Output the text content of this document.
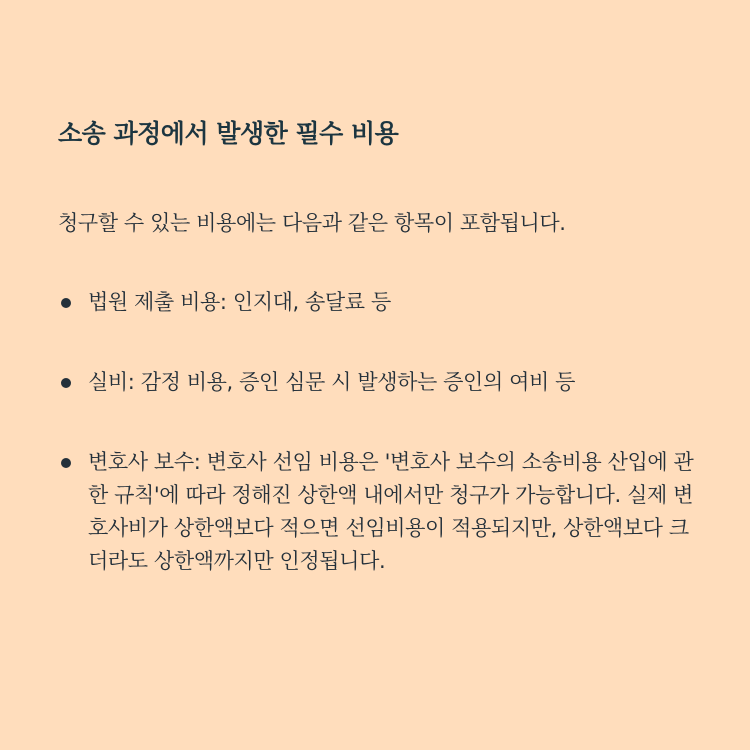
소송 과정에서 발생한 필수 비용

청구할 수 있는 비용에는 다음과 같은 항목이 포함됩니다.

법원 제출 비용: 인지대, 송달료 등
실비: 감정 비용, 증인 심문 시 발생하는 증인의 여비 등
변호사 보수: 변호사 선임 비용은 '변호사 보수의 소송비용 산입에 관한 규칙'에 따라 정해진 상한액 내에서만 청구가 가능합니다. 실제 변호사비가 상한액보다 적으면 선임비용이 적용되지만, 상한액보다 크더라도 상한액까지만 인정됩니다.
